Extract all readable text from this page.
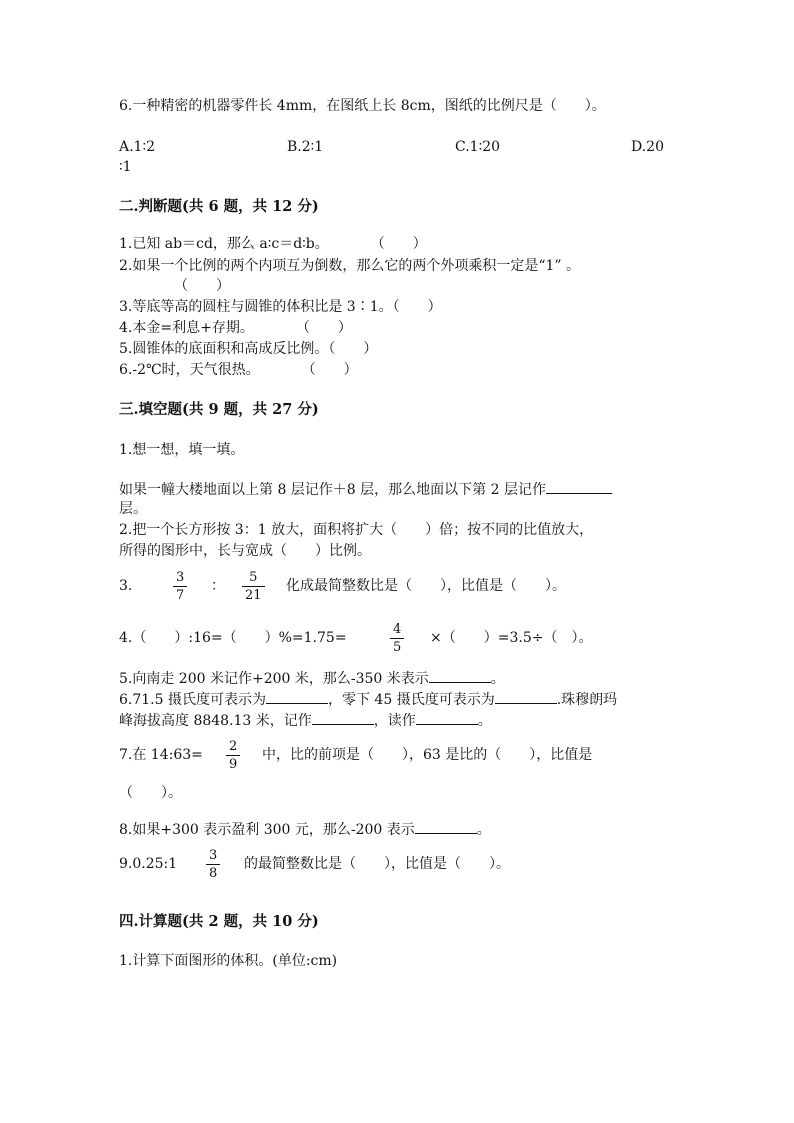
6.一种精密的机器零件长 4mm，在图纸上长 8cm，图纸的比例尺是（　　）。
A.1∶2	B.2∶1	C.1∶20	D.20
∶1
二.判断题(共 6 题，共 12 分)
1.已知 ab＝cd，那么 a∶c＝d∶b。　　　　（　　）
2.如果一个比例的两个内项互为倒数，那么它的两个外项乘积一定是“1” 。
（　　）
3.等底等高的圆柱与圆锥的体积比是 3∶1。（　　）
4.本金=利息+存期。　　　　（　　）
5.圆锥体的底面积和高成反比例。（　　）
6.-2℃时，天气很热。　　　　（　　）
三.填空题(共 9 题，共 27 分)
1.想一想，填一填。
如果一幢大楼地面以上第 8 层记作＋8 层，那么地面以下第 2 层记作
层。
2.把一个长方形按 3：1 放大，面积将扩大（　　）倍；按不同的比值放大，
所得的图形中，长与宽成（　　）比例。
3.
3
7
：
5
21
化成最简整数比是（　　），比值是（　　）。
4.（　　）:16=（　　）%=1.75=
4
5
×（　　）=3.5÷（　）。
5.向南走 200 米记作+200 米，那么-350 米表示	。
6.71.5 摄氏度可表示为	，零下 45 摄氏度可表示为	.珠穆朗玛
峰海拔高度 8848.13 米，记作	，读作	。
7.在 14:63=
2
9
中，比的前项是（　　），63 是比的（　　），比值是
（　　）。
8.如果+300 表示盈利 300 元，那么-200 表示	。
9.0.25:1
3
8
的最简整数比是（　　），比值是（　　）。
四.计算题(共 2 题，共 10 分)
1.计算下面图形的体积。(单位:cm)
